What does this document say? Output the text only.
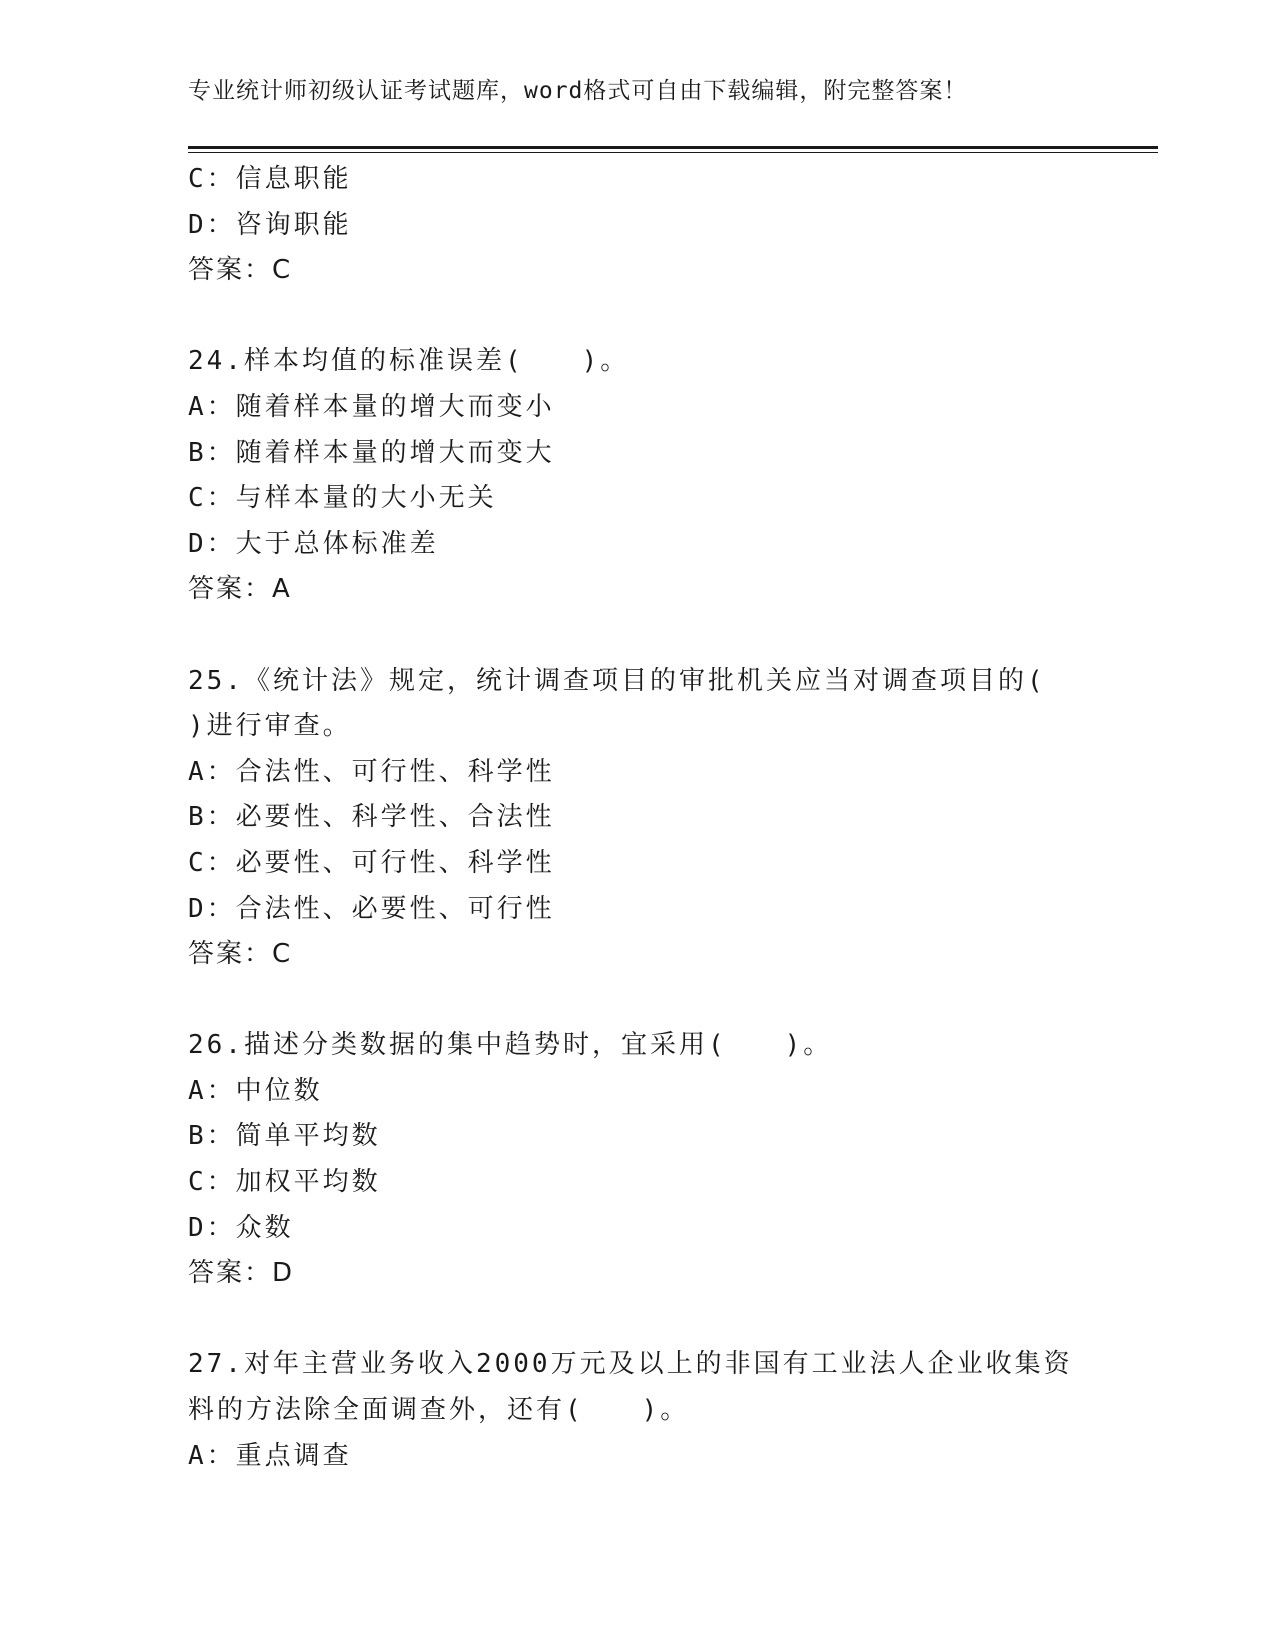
专业统计师初级认证考试题库，word格式可自由下载编辑，附完整答案！
C：信息职能
D：咨询职能
答案：C
24.样本均值的标准误差(　　)。
A：随着样本量的增大而变小
B：随着样本量的增大而变大
C：与样本量的大小无关
D：大于总体标准差
答案：A
25.《统计法》规定，统计调查项目的审批机关应当对调查项目的(
)进行审查。
A：合法性、可行性、科学性
B：必要性、科学性、合法性
C：必要性、可行性、科学性
D：合法性、必要性、可行性
答案：C
26.描述分类数据的集中趋势时，宜采用(　　)。
A：中位数
B：简单平均数
C：加权平均数
D：众数
答案：D
27.对年主营业务收入2000万元及以上的非国有工业法人企业收集资
料的方法除全面调查外，还有(　　)。
A：重点调查
